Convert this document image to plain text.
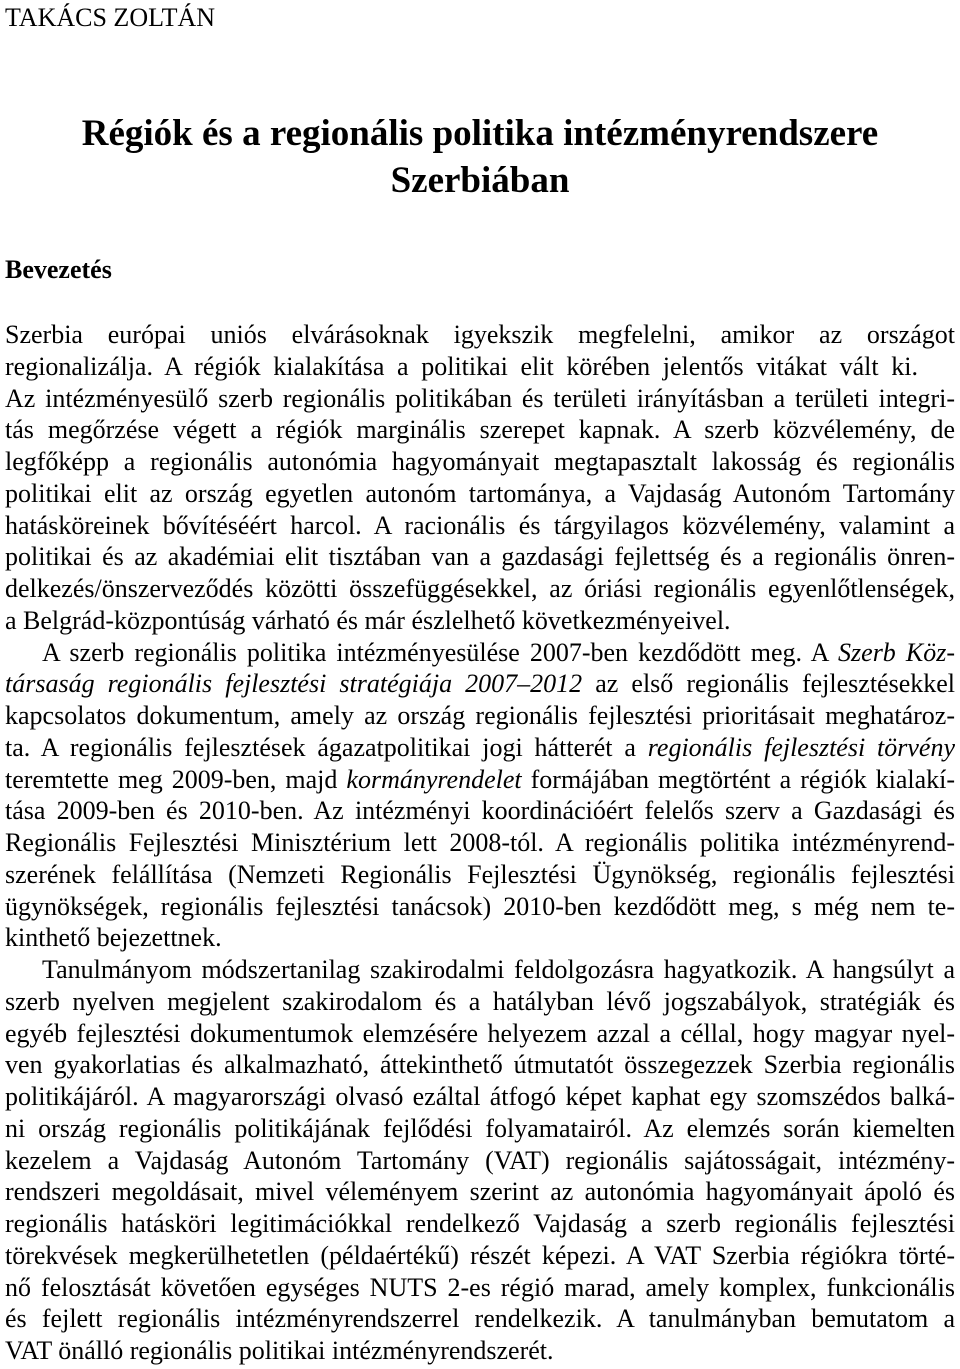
TAKÁCS ZOLTÁN
Régiók és a regionális politika intézményrendszere
Szerbiában
Bevezetés
Szerbia európai uniós elvárásoknak igyekszik megfelelni, amikor az országot
regionalizálja. A régiók kialakítása a politikai elit körében jelentős vitákat vált ki.
Az intézményesülő szerb regionális politikában és területi irányításban a területi integri-
tás megőrzése végett a régiók marginális szerepet kapnak. A szerb közvélemény, de
legfőképp a regionális autonómia hagyományait megtapasztalt lakosság és regionális
politikai elit az ország egyetlen autonóm tartománya, a Vajdaság Autonóm Tartomány
hatásköreinek bővítéséért harcol. A racionális és tárgyilagos közvélemény, valamint a
politikai és az akadémiai elit tisztában van a gazdasági fejlettség és a regionális önren-
delkezés/önszerveződés közötti összefüggésekkel, az óriási regionális egyenlőtlenségek,
a Belgrád-központúság várható és már észlelhető következményeivel.
A szerb regionális politika intézményesülése 2007-ben kezdődött meg. A Szerb Köz-
társaság regionális fejlesztési stratégiája 2007–2012 az első regionális fejlesztésekkel
kapcsolatos dokumentum, amely az ország regionális fejlesztési prioritásait meghatároz-
ta. A regionális fejlesztések ágazatpolitikai jogi hátterét a regionális fejlesztési törvény
teremtette meg 2009-ben, majd kormányrendelet formájában megtörtént a régiók kialakí-
tása 2009-ben és 2010-ben. Az intézményi koordinációért felelős szerv a Gazdasági és
Regionális Fejlesztési Minisztérium lett 2008-tól. A regionális politika intézményrend-
szerének felállítása (Nemzeti Regionális Fejlesztési Ügynökség, regionális fejlesztési
ügynökségek, regionális fejlesztési tanácsok) 2010-ben kezdődött meg, s még nem te-
kinthető bejezettnek.
Tanulmányom módszertanilag szakirodalmi feldolgozásra hagyatkozik. A hangsúlyt a
szerb nyelven megjelent szakirodalom és a hatályban lévő jogszabályok, stratégiák és
egyéb fejlesztési dokumentumok elemzésére helyezem azzal a céllal, hogy magyar nyel-
ven gyakorlatias és alkalmazható, áttekinthető útmutatót összegezzek Szerbia regionális
politikájáról. A magyarországi olvasó ezáltal átfogó képet kaphat egy szomszédos balká-
ni ország regionális politikájának fejlődési folyamatairól. Az elemzés során kiemelten
kezelem a Vajdaság Autonóm Tartomány (VAT) regionális sajátosságait, intézmény-
rendszeri megoldásait, mivel véleményem szerint az autonómia hagyományait ápoló és
regionális hatásköri legitimációkkal rendelkező Vajdaság a szerb regionális fejlesztési
törekvések megkerülhetetlen (példaértékű) részét képezi. A VAT Szerbia régiókra törté-
nő felosztását követően egységes NUTS 2-es régió marad, amely komplex, funkcionális
és fejlett regionális intézményrendszerrel rendelkezik. A tanulmányban bemutatom a
VAT önálló regionális politikai intézményrendszerét.
